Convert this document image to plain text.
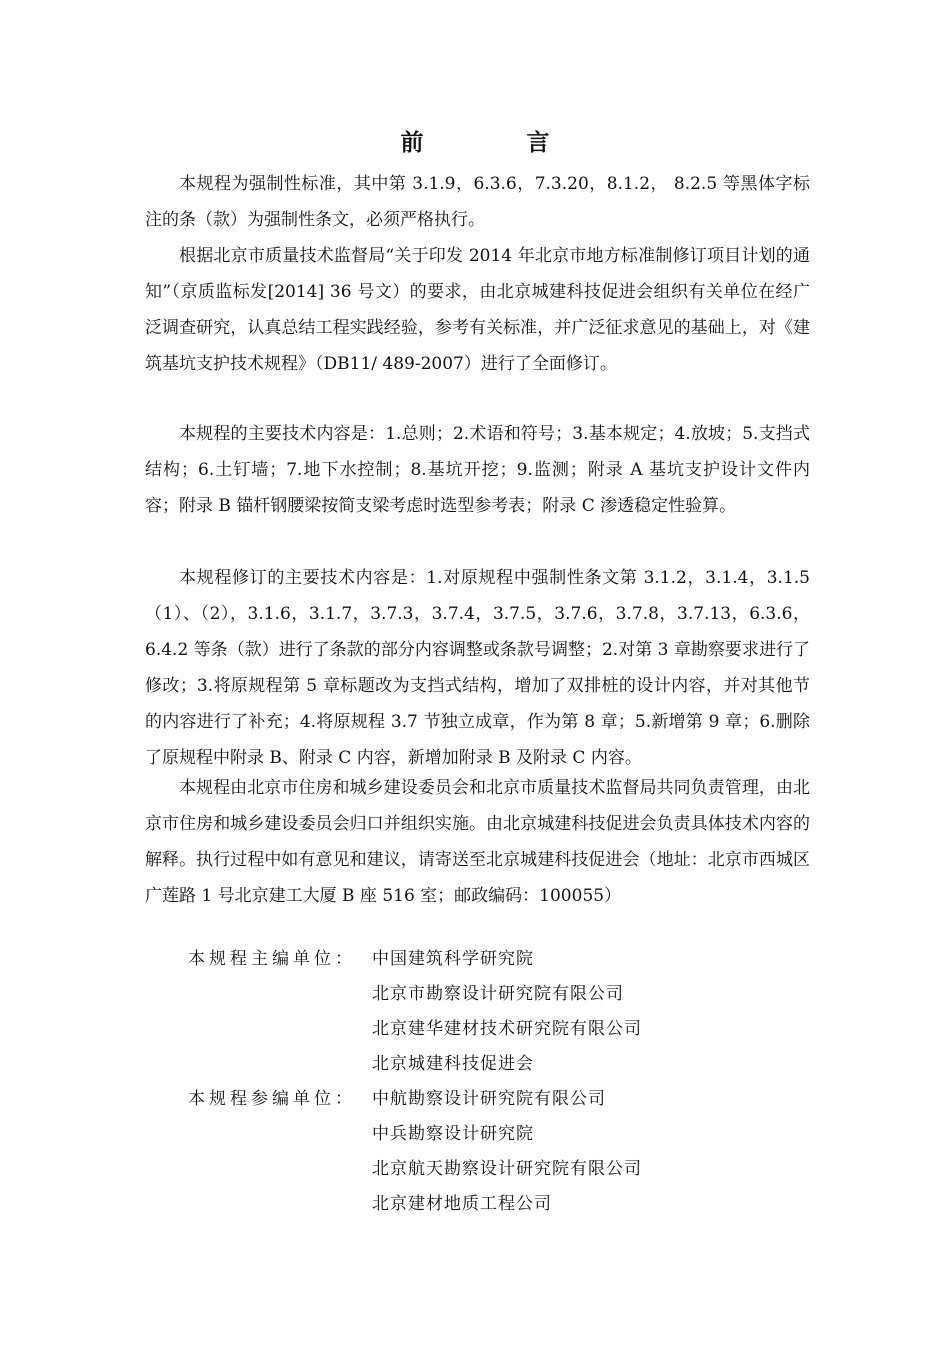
前　言

本规程为强制性标准，其中第 3.1.9，6.3.6，7.3.20，8.1.2， 8.2.5 等黑体字标注的条（款）为强制性条文，必须严格执行。

根据北京市质量技术监督局“关于印发 2014 年北京市地方标准制修订项目计划的通知”（京质监标发[2014] 36 号文）的要求，由北京城建科技促进会组织有关单位在经广泛调查研究，认真总结工程实践经验，参考有关标准，并广泛征求意见的基础上，对《建筑基坑支护技术规程》（DB11/ 489-2007）进行了全面修订。

本规程的主要技术内容是：1.总则；2.术语和符号；3.基本规定；4.放坡；5.支挡式结构；6.土钉墙；7.地下水控制；8.基坑开挖；9.监测；附录 A 基坑支护设计文件内容；附录 B 锚杆钢腰梁按简支梁考虑时选型参考表；附录 C 渗透稳定性验算。

本规程修订的主要技术内容是：1.对原规程中强制性条文第 3.1.2，3.1.4，3.1.5（1）、（2），3.1.6，3.1.7，3.7.3，3.7.4，3.7.5，3.7.6，3.7.8，3.7.13，6.3.6，6.4.2 等条（款）进行了条款的部分内容调整或条款号调整；2.对第 3 章勘察要求进行了修改；3.将原规程第 5 章标题改为支挡式结构，增加了双排桩的设计内容，并对其他节的内容进行了补充；4.将原规程 3.7 节独立成章，作为第 8 章；5.新增第 9 章；6.删除了原规程中附录 B、附录 C 内容，新增加附录 B 及附录 C 内容。

本规程由北京市住房和城乡建设委员会和北京市质量技术监督局共同负责管理，由北京市住房和城乡建设委员会归口并组织实施。由北京城建科技促进会负责具体技术内容的解释。执行过程中如有意见和建议，请寄送至北京城建科技促进会（地址：北京市西城区广莲路 1 号北京建工大厦 B 座 516 室；邮政编码：100055）

本规程主编单位： 中国建筑科学研究院
北京市勘察设计研究院有限公司
北京建华建材技术研究院有限公司
北京城建科技促进会
本规程参编单位： 中航勘察设计研究院有限公司
中兵勘察设计研究院
北京航天勘察设计研究院有限公司
北京建材地质工程公司
